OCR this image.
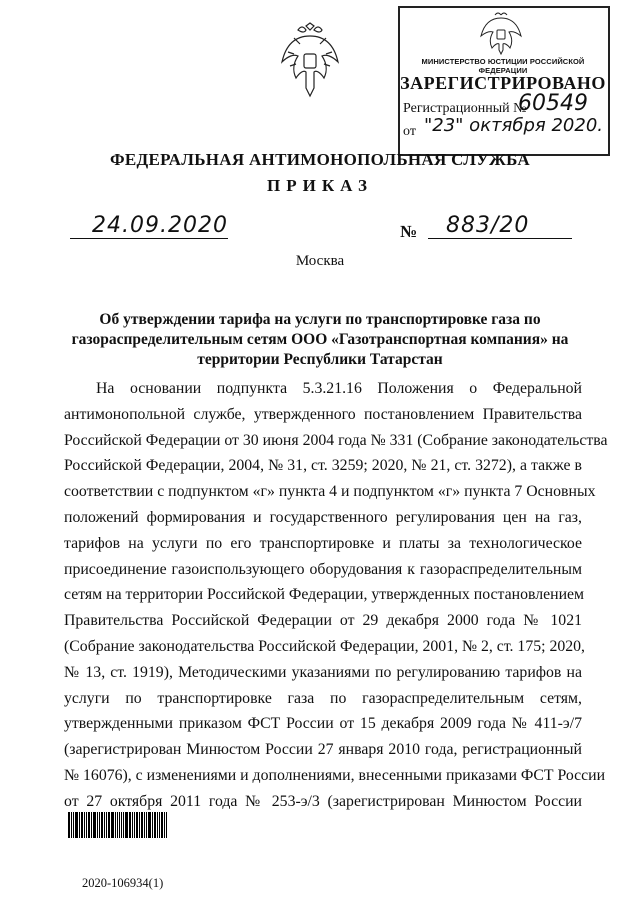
МИНИСТЕРСТВО ЮСТИЦИИ РОССИЙСКОЙ ФЕДЕРАЦИИ
ЗАРЕГИСТРИРОВАНО
Регистрационный №
60549
от "23" октября 2020.
ФЕДЕРАЛЬНАЯ АНТИМОНОПОЛЬНАЯ СЛУЖБА
ПРИКАЗ
24.09.2020	№ 883/20
Москва
Об утверждении тарифа на услуги по транспортировке газа по
газораспределительным сетям ООО «Газотранспортная компания» на
территории Республики Татарстан
На основании подпункта 5.3.21.16 Положения о Федеральной
антимонопольной службе, утвержденного постановлением Правительства
Российской Федерации от 30 июня 2004 года № 331 (Собрание законодательства
Российской Федерации, 2004, № 31, ст. 3259; 2020, № 21, ст. 3272), а также в
соответствии с подпунктом «г» пункта 4 и подпунктом «г» пункта 7 Основных
положений формирования и государственного регулирования цен на газ,
тарифов на услуги по его транспортировке и платы за технологическое
присоединение газоиспользующего оборудования к газораспределительным
сетям на территории Российской Федерации, утвержденных постановлением
Правительства Российской Федерации от 29 декабря 2000 года № 1021
(Собрание законодательства Российской Федерации, 2001, № 2, ст. 175; 2020,
№ 13, ст. 1919), Методическими указаниями по регулированию тарифов на
услуги по транспортировке газа по газораспределительным сетям,
утвержденными приказом ФСТ России от 15 декабря 2009 года № 411-э/7
(зарегистрирован Минюстом России 27 января 2010 года, регистрационный
№ 16076), с изменениями и дополнениями, внесенными приказами ФСТ России
от 27 октября 2011 года № 253-э/3 (зарегистрирован Минюстом России
2020-106934(1)
